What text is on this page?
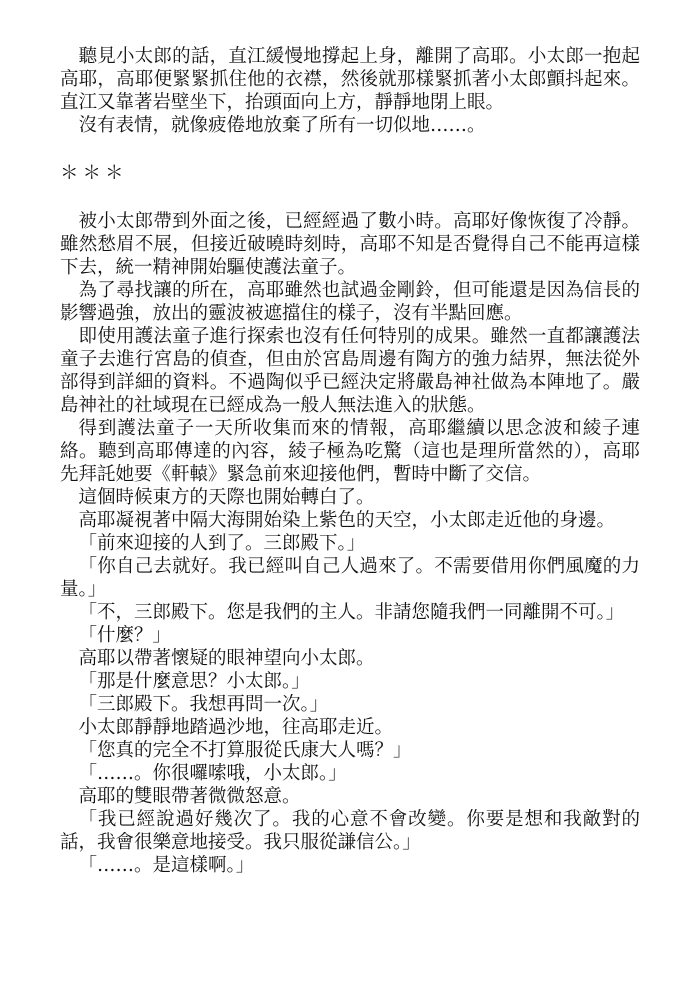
聽見小太郎的話，直江緩慢地撐起上身，離開了高耶。小太郎一抱起高耶，高耶便緊緊抓住他的衣襟，然後就那樣緊抓著小太郎顫抖起來。直江又靠著岩壁坐下，抬頭面向上方，靜靜地閉上眼。

沒有表情，就像疲倦地放棄了所有一切似地……。

＊＊＊

被小太郎帶到外面之後，已經經過了數小時。高耶好像恢復了冷靜。雖然愁眉不展，但接近破曉時刻時，高耶不知是否覺得自己不能再這樣下去，統一精神開始驅使護法童子。

為了尋找讓的所在，高耶雖然也試過金剛鈴，但可能還是因為信長的影響過強，放出的靈波被遮擋住的樣子，沒有半點回應。

即使用護法童子進行探索也沒有任何特別的成果。雖然一直都讓護法童子去進行宮島的偵查，但由於宮島周邊有陶方的強力結界，無法從外部得到詳細的資料。不過陶似乎已經決定將嚴島神社做為本陣地了。嚴島神社的社域現在已經成為一般人無法進入的狀態。

得到護法童子一天所收集而來的情報，高耶繼續以思念波和綾子連絡。聽到高耶傳達的內容，綾子極為吃驚（這也是理所當然的），高耶先拜託她要《軒轅》緊急前來迎接他們，暫時中斷了交信。

這個時候東方的天際也開始轉白了。

高耶凝視著中隔大海開始染上紫色的天空，小太郎走近他的身邊。

「前來迎接的人到了。三郎殿下。」

「你自己去就好。我已經叫自己人過來了。不需要借用你們風魔的力量。」

「不，三郎殿下。您是我們的主人。非請您隨我們一同離開不可。」

「什麼？」

高耶以帶著懷疑的眼神望向小太郎。

「那是什麼意思？小太郎。」

「三郎殿下。我想再問一次。」

小太郎靜靜地踏過沙地，往高耶走近。

「您真的完全不打算服從氏康大人嗎？」

「……。你很囉嗦哦，小太郎。」

高耶的雙眼帶著微微怒意。

「我已經說過好幾次了。我的心意不會改變。你要是想和我敵對的話，我會很樂意地接受。我只服從謙信公。」

「……。是這樣啊。」
